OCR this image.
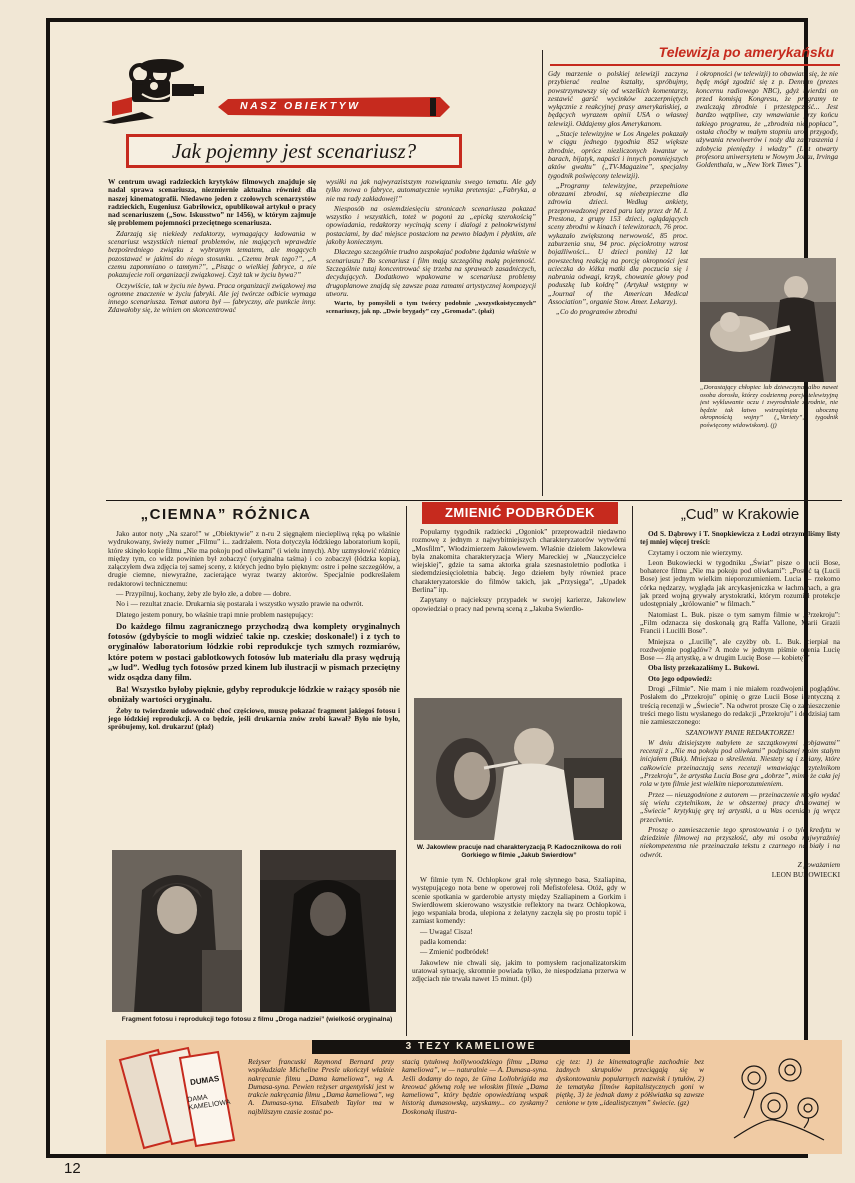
NASZ OBIEKTYW
Jak pojemny jest scenariusz?

W centrum uwagi radzieckich krytyków filmowych znajduje się nadal sprawa scenariusza, niezmiernie aktualna również dla naszej kinematografii. Niedawno jeden z czołowych scenarzystów radzieckich, Eugeniusz Gabriłowicz, opublikował artykuł o pracy nad scenariuszem („Sow. Iskusstwo” nr 1456), w którym zajmuje się problemem pojemności przeciętnego scenariusza.

Zdarzają się niekiedy redaktorzy, wymagający ładowania w scenariusz wszystkich niemal problemów, nie mających wprawdzie bezpośredniego związku z wybranym tematem, ale mogących pozostawać w jakimś do niego stosunku. „Czemu brak tego?”, „A czemu zapomniano o tamtym?”, „Pisząc o wielkiej fabryce, a nie pokazujecie roli organizacji związkowej. Czyż tak w życiu bywa?”

Oczywiście, tak w życiu nie bywa. Praca organizacji związkowej ma ogromne znaczenie w życiu fabryki. Ale jej twórcze odbicie wymaga innego scenariusza. Temat autora był — fabryczny, ale punkcie inny. Zdawałoby się, że winien on skoncentrować

wysiłki na jak najwyrazistszym rozwiązaniu swego tematu. Ale gdy tylko mowa o fabryce, automatycznie wynika pretensja: „Fabryka, a nie ma rady zakładowej!”

Niesposób na osiemdziesięciu stronicach scenariusza pokazać wszystko i wszystkich, toteż w pogoni za „epicką szerokością” opowiadania, redaktorzy wycinają sceny i dialogi z pełnokrwistymi postaciami, by dać miejsce postaciom na pewno bladym i płytkim, ale jakoby koniecznym.

Dlaczego szczególnie trudno zaspokajać podobne żądania właśnie w scenariuszu? Bo scenariusz i film mają szczególną małą pojemność. Szczególnie tutaj koncentrować się trzeba na sprawach zasadniczych, decydujących. Dodatkowo wpakowane w scenariusz problemy drugoplanowe znajdą się zawsze poza ramami artystycznej kompozycji utworu.

Warto, by pomyśleli o tym twórcy podobnie „wszystkoistycznych” scenariuszy, jak np. „Dwie brygady” czy „Gromada”. (płaż)

Telewizja po amerykańsku

Gdy marzenie o polskiej telewizji zaczyna przybierać realne kształty, spróbujmy, powstrzymawszy się od wszelkich komentarzy, zestawić garść wycinków zaczerpniętych wyłącznie z reakcyjnej prasy amerykańskiej, a będących wyrazem opinii USA o własnej telewizji. Oddajemy głos Amerykanom.

„Stacje telewizyjne w Los Angeles pokazały w ciągu jednego tygodnia 852 większe zbrodnie, oprócz niezliczonych kwantur w barach, bijatyk, napaści i innych pomniejszych aktów gwałtu” („TV-Magazine”, specjalny tygodnik poświęcony telewizji).

„Programy telewizyjne, przepełnione obrazami zbrodni, są niebezpieczne dla zdrowia dzieci. Według ankiety, przeprowadzonej przed paru laty przez dr M. I. Prestona, z grupy 153 dzieci, oglądających sceny zbrodni w kinach i telewizorach, 76 proc. wykazało zwiększoną nerwowość, 85 proc. zaburzenia snu, 94 proc. pięciokrotny wzrost bojaźliwości... U dzieci poniżej 12 lat powszechną reakcją na porcję okropności jest ucieczka do łóżka matki dla poczucia się i nabrania odwagi, krzyk, chowanie głowy pod poduszkę lub kołdrę” (Artykuł wstępny w „Journal of the American Medical Association”, organie Stow. Amer. Lekarzy).

„Co do programów zbrodni

i okropności (w telewizji) to obawiam się, że nie będę mógł zgodzić się z p. Dennym (prezes koncernu radiowego NBC), gdyż twierdzi on przed komisją Kongresu, że programy te zwalczają zbrodnie i przestępczość... Jest bardzo wątpliwe, czy wmawianie przy końcu takiego programu, że „zbrodnia nie popłaca”, ostała choćby w małym stopniu urok przygody, używania rewolwerów i noży dla zastraszenia i zdobycia pieniędzy i władzy” (List otwarty profesora uniwersytetu w Nowym Jorku, Irvinga Goldenthala, w „New York Times”).

„Dorastający chłopiec lub dziewczyna, albo nawet osoba dorosła, którzy codzienną porcję telewizyjną jest wykluwanie oczu i zwyrodniałe zbrodnie, nie będzie tak łatwo wstrząśnięta i uboczną okropnością wojny” („Variety”, tygodnik poświęcony widowiskom). (j)
„CIEMNA” RÓŻNICA

Jako autor noty „Na szaro!” w „Obiektywie” z n-ru 2 sięgnąłem nieciepliwą ręką po właśnie wydrukowany, świeży numer „Filmu” i... zadrżałem. Nota dotyczyła łódzkiego laboratorium kopii, które skinęło kopie filmu „Nie ma pokoju pod oliwkami” (i wielu innych). Aby uzmysłowić różnicę między tym, co widz powinien był zobaczyć (oryginalna taśma) i co zobaczył (łódzka kopia), załączyłem dwa zdjęcia tej samej sceny, z których jedno było pięknym: ostre i pełne szczegółów, a drugie ciemne, niewyraźne, zacierające wyraz twarzy aktorów. Specjalnie podkreślałem redaktorowi technicznemu:

— Przypilnuj, kochany, żeby zle było złe, a dobre — dobre.

No i — rezultat znacie. Drukarnia się postarała i wszystko wyszło prawie na odwrót.

Dlatego jestem ponury, bo właśnie trapi mnie problem następujący:

Do każdego filmu zagranicznego przychodzą dwa komplety oryginalnych fotosów (gdybyście to mogli widzieć takie np. czeskie; doskonałe!) i z tych to oryginałów laboratorium łódzkie robi reprodukcje tych szmych rozmiarów, które potem w postaci gablotkowych fotosów lub materiału dla prasy wędrują „w lud”. Według tych fotosów przed kinem lub ilustracji w pismach przeciętny widz osądza dany film.

Ba! Wszystko byłoby pięknie, gdyby reprodukcje łódzkie w rażący sposób nie obniżały wartości oryginału.

Żeby to twierdzenie udowodnić choć częściowo, muszę pokazać fragment jakiegoś fotosu i jego łódzkiej reprodukcji. A co będzie, jeśli drukarnia znów zrobi kawał? Było nie było, spróbujemy, kol. drukarzu! (płaż)

Fragment fotosu i reprodukcji tego fotosu z filmu „Droga nadziei” (wielkość oryginalna)
ZMIENIĆ PODBRÓDEK

Popularny tygodnik radziecki „Ogoniok” przeprowadził niedawno rozmowę z jednym z najwybitniejszych charakteryzatorów wytwórni „Mosfilm”, Włodzimierzem Jakowlewem. Właśnie dziełem Jakowlewa była znakomita charakteryzacja Wiery Mareckiej w „Nauczycielce wiejskiej”, gdzie ta sama aktorka grała szesnastoletnio podlotka i siedemdziesięcioletnia babcię. Jego dziełem były również prace charakteryzatorskie do filmów takich, jak „Przysięga”, „Upadek Berlina” itp.

Zapytany o najciekszy przypadek w swojej karierze, Jakowlew opowiedział o pracy nad pewną sceną z „Jakuba Swierdło-

W. Jakowlew pracuje nad charakteryzacją P. Kadocznikowa do roli Gorkiego w filmie „Jakub Swierdłow”

W filmie tym N. Ochłopkow grał rolę słynnego basa, Szaliapina, występującego nota bene w operowej roli Mefistofelesa. Otóż, gdy w scenie spotkania w garderobie artysty między Szaliapinem a Gorkim i Swierdłowem skierowano wszystkie reflektory na twarz Ochłopkowa, jego wspaniała broda, ulepiona z żelatyny zaczęła się po prostu topić i zamiast komendy:

— Uwaga! Cisza!

padła komenda:

— Zmienić podbródek!

Jakowlew nie chwali się, jakim to pomysłem racjonalizatorskim uratował sytuację, skromnie powiada tylko, że niespodziana przerwa w zdjęciach nie trwała nawet 15 minut. (pl)

„Cud” w Krakowie

Od S. Dąbrowy i T. Snopkiewicza z Łodzi otrzymaliśmy listy tej mniej więcej treści:

Czytamy i oczom nie wierzymy.

Leon Bukowiecki w tygodniku „Świat” pisze o Lucii Bose, bohaterce filmu „Nie ma pokoju pod oliwkami”: „Postać tą (Lucii Bose) jest jednym wielkim nieporozumieniem. Lucia — rzekomo córka nędzarzy, wygląda jak arcykasjeniczka w łachmanach, a gra jak przed wojną grywały arystokratki, którym rozumiał protekcje udostępniały „królowanie” w filmach.”

Natomiast L. Buk. pisze o tym samym filmie w „Przekroju”: „Film odznacza się doskonałą grą Raffa Vallone, Marii Grazii Francii i Lucilli Bose”.

Mniejsza o „Lucillę”, ale czyżby ob. L. Buk. cierpiał na rozdwojenie poglądów? A może w jednym piśmie ocenia Lucię Bose — źlą artystkę, a w drugim Lucię Bose — kobietę?”

Oba listy przekazaliśmy L. Bukowi.

Oto jego odpowiedź:

Drogi „Filmie”. Nie mam i nie miałem rozdwojenia poglądów. Posłałem do „Przekroju” opinię o grze Lucii Bose identyczną z treścią recenzji w „Świecie”. Na odwrot prosze Cię o zamieszczenie treści mego listu wysłanego do redakcji „Przekroju” i do dzisiaj tam nie zamieszczonego:

SZANOWNY PANIE REDAKTORZE!

W dniu dzisiejszym nabyłem ze szczątkowymi „objawami” recenzji z „Nie ma pokoju pod oliwkami” podpisanej moim stałym inicjałem (Buk). Mniejsza o skreślenia. Niestety są i zmiany, które całkowicie przeinaczają sens recenzji wmawiając czytelnikom „Przekroju”, że artystka Lucia Bose gra „dobrze”, mimo że cała jej rola w tym filmie jest wielkim nieporozumieniem.

Przez — nieuzgodnione z autorem — przeinaczenie mogło wydać się wielu czytelnikom, że w obszernej pracy drukowanej w „Świecie” krytykuję grę tej artystki, a u Was oceniam ją wręcz przeciwnie.

Proszę o zamieszczenie tego sprostowania i o tyle kredytu w dziedzinie filmowej na przyszłość, aby mi osoba najwyraźniej niekompetentna nie przeinaczała tekstu z czarnego na biały i na odwrót.

Z poważaniem

LEON BUKOWIECKI

3 TEZY KAMELIOWE
DUMAS
DAMA KAMELIOWA
Reżyser francuski Raymond Bernard przy współudziale Micheline Presle ukończył właśnie nakręcanie filmu „Dama kameliowa”, wg A. Dumasa-syna. Pewien reżyser argentyński jest w trakcie nakręcania filmu „Dama kameliowa”, wg A. Dumasa-syna. Elisabeth Taylor ma w najbliższym czasie zostać po-
stacią tytułową hollywoodzkiego filmu „Dama kameliowa”, w — naturalnie — A. Dumasa-syna. Jeśli dodamy do tego, że Gina Lollobrigida ma kreować główną rolę we włoskim filmie „Dama kameliowa”, który będzie opowiedzianą wspak historią dumasowską, uzyskamy... co zyskamy? Doskonałą ilustra-
cję tez: 1) że kinematografie zachodnie bez żadnych skrupułów przeciągają się w dyskontowaniu popularnych nazwisk i tytułów, 2) że tematyka filmów kapitalistycznych goni w piętkę, 3) że jednak damy z półświatka są zawsze cenione w tym „idealistycznym” świecie. (gz)
12
